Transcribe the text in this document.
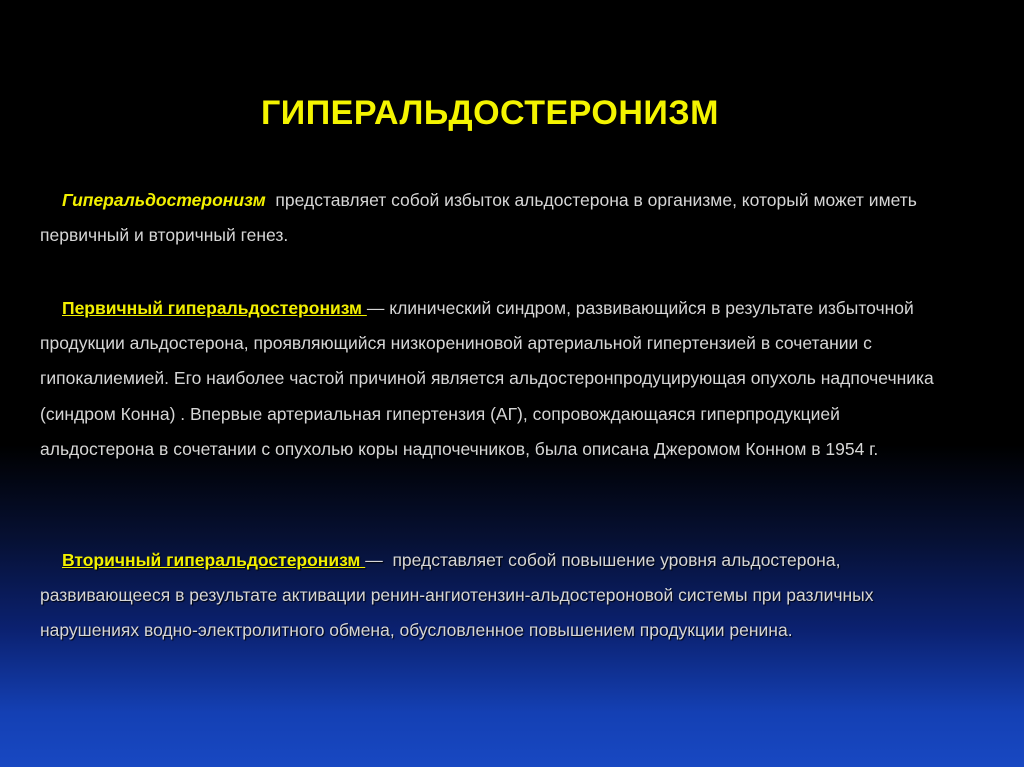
ГИПЕРАЛЬДОСТЕРОНИЗМ
Гиперальдостеронизм представляет собой избыток альдостерона в организме, который может иметь первичный и вторичный генез.
Первичный гиперальдостеронизм — клинический синдром, развивающийся в результате избыточной продукции альдостерона, проявляющийся низкорениновой артериальной гипертензией в сочетании с гипокалиемией. Его наиболее частой причиной является альдостеронпродуцирующая опухоль надпочечника (синдром Конна) . Впервые артериальная гипертензия (АГ), сопровождающаяся гиперпродукцией альдостерона в сочетании с опухолью коры надпочечников, была описана Джеромом Конном в 1954 г.
Вторичный гиперальдостеронизм —  представляет собой повышение уровня альдостерона, развивающееся в результате активации ренин-ангиотензин-альдостероновой системы при различных нарушениях водно-электролитного обмена, обусловленное повышением продукции ренина.
